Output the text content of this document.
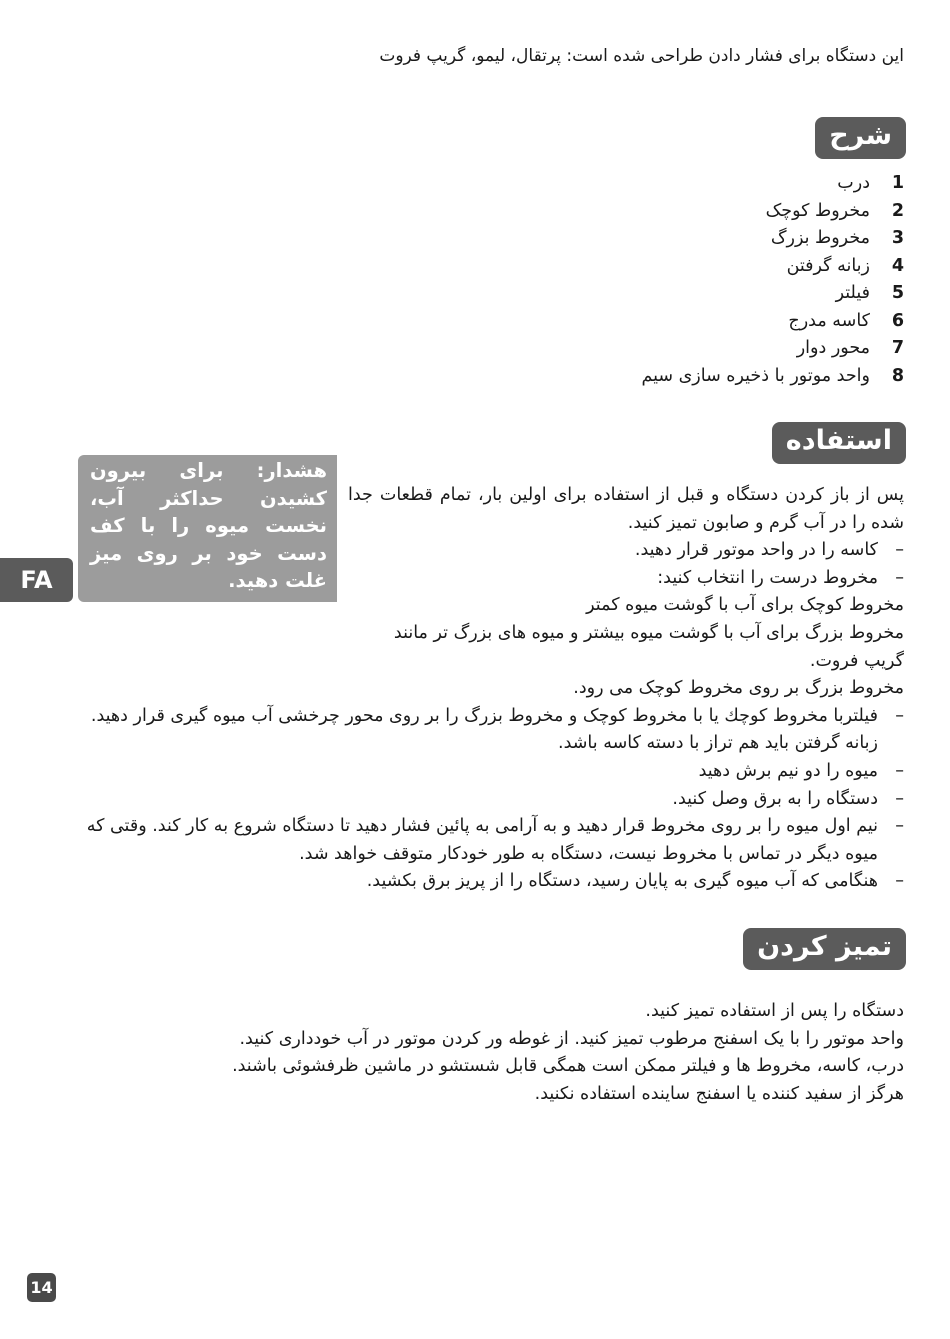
این دستگاه برای فشار دادن طراحی شده است: پرتقال، لیمو، گریپ فروت
شرح
1
درب
2
مخروط کوچک
3
مخروط بزرگ
4
زبانه گرفتن
5
فیلتر
6
کاسه مدرج
7
محور دوار
8
واحد موتور با ذخیره سازی سیم
استفاده
هشدار: برای بیرون کشیدن حداکثر آب، نخست میوه را با کف دست خود بر روی میز غلت دهید.
FA
پس از باز کردن دستگاه و قبل از استفاده برای اولین بار، تمام قطعات جدا شده را در آب گرم و صابون تمیز کنید.
– کاسه را در واحد موتور قرار دهید.
– مخروط درست را انتخاب کنید:
مخروط کوچک برای آب با گوشت میوه کمتر
مخروط بزرگ برای آب با گوشت میوه بیشتر و میوه های بزرگ تر مانند گریپ فروت.
مخروط بزرگ بر روی مخروط کوچک می رود.
– فیلتربا مخروط کوچك یا با مخروط کوچک و مخروط بزرگ را بر روی محور چرخشی آب میوه گیری قرار دهید. زبانه گرفتن باید هم تراز با دسته کاسه باشد.
– میوه را دو نیم برش دهید
– دستگاه را به برق وصل کنید.
– نیم اول میوه را بر روی مخروط قرار دهید و به آرامی به پائین فشار دهید تا دستگاه شروع به کار کند. وقتی که میوه دیگر در تماس با مخروط نیست، دستگاه به طور خودکار متوقف خواهد شد.
– هنگامی که آب میوه گیری به پایان رسید، دستگاه را از پریز برق بکشید.
تمیز کردن

دستگاه را پس از استفاده تمیز کنید.

واحد موتور را با یک اسفنج مرطوب تمیز کنید. از غوطه ور کردن موتور در آب خودداری کنید.

درب، کاسه، مخروط ها و فیلتر ممکن است همگی قابل شستشو در ماشین ظرفشوئی باشند.

هرگز از سفید کننده یا اسفنج ساینده استفاده نکنید.

14
